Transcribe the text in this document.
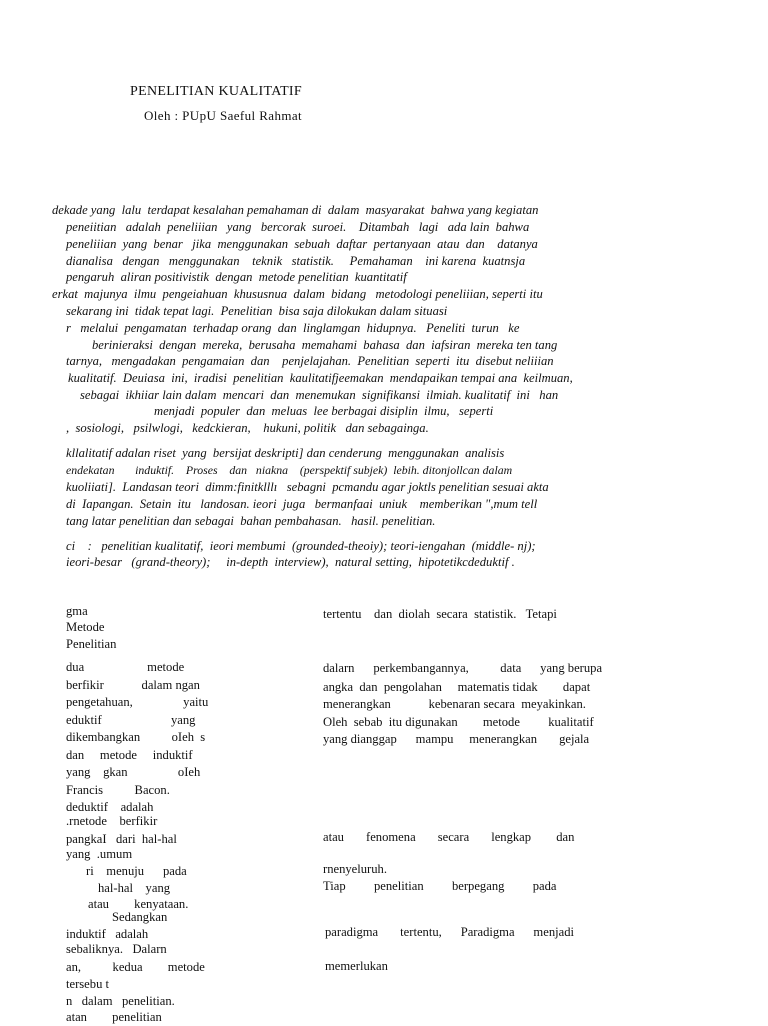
PENELITIAN KUALITATIF
Oleh : PUpU Saeful Rahmat
dekade yang  lalu  terdapat kesalahan pemahaman di  dalam  masyarakat  bahwa yang kegiatan
peneiitian   adalah  peneliiian   yang   bercorak  suroei.    Ditambah   lagi   ada lain  bahwa
peneliiian  yang  benar   jika  menggunakan  sebuah  daftar  pertanyaan  atau  dan    datanya
dianalisa   dengan   menggunakan    teknik   statistik.     Pemahaman    ini karena  kuatnsja
pengaruh  aliran positivistik  dengan  metode penelitian  kuantitatif
erkat  majunya  ilmu  pengeiahuan  khususnua  dalam  bidang   metodologi peneliiian, seperti itu
sekarang ini  tidak tepat lagi.  Penelitian  bisa saja dilokukan dalam situasi
r   melalui  pengamatan  terhadap orang  dan  linglamgan  hidupnya.   Peneliti  turun   ke
berinieraksi  dengan  mereka,  berusaha  memahami  bahasa  dan  iafsiran  mereka ten tang
tarnya,   mengadakan  pengamaian  dan    penjelajahan.  Penelitian  seperti  itu  disebut neliiian
kualitatif.  Deuiasa  ini,  iradisi  penelitian  kaulitatifjeemakan  mendapaikan tempai ana  keilmuan,
sebagai  ikhiiar lain dalam  mencari  dan  menemukan  signifikansi  ilmiah. kualitatif  ini   han
menjadi  populer  dan  meluas  lee berbagai disiplin  ilmu,   seperti
,  sosiologi,   psilwlogi,   kedckieran,    hukuni, politik   dan sebagainga.
kllalitatif adalan riset  yang  bersijat deskripti] dan cenderung  menggunakan  analisis
endekatan       induktif.    Proses    dan   niakna    (perspektif subjek)  lebih. ditonjollcan dalam
kuoliiati].  Landasan teori  dimm:finitklllı   sebagni  pcmandu agar joktls penelitian sesuai akta
di  Iapangan.  Setain  itu   landosan. ieori  juga   bermanfaai  uniuk    memberikan ",mum tell
tang latar penelitian dan sebagai  bahan pembahasan.   hasil. penelitian.
ci    :   penelitian kualitatif,  ieori membumi  (grounded-theoiy); teori-iengahan  (middle- nj);
ieori-besar   (grand-theory);     in-depth  interview),  natural setting,  hipotetikcdeduktif .
gma
Metode
Penelitian
dua                    metode
berfikir            dalam ngan
pengetahuan,                yaitu
eduktif                      yang
dikembangkan          oIeh  s
dan     metode     induktif
yang    gkan                oIeh
Francis          Bacon.
deduktif    adalah
.rnetode    berfikir
pangkaI   dari  hal-hal
yang  .umum
ri    menuju      pada
hal-hal    yang
atau        kenyataan.
Sedangkan
induktif   adalah
sebaliknya.   Dalarn
an,          kedua        metode
tersebu t
n   dalam   penelitian.
atan        penelitian
tertentu    dan  diolah  secara  statistik.   Tetapi
dalarn      perkembangannya,          data      yang berupa
angka  dan  pengolahan     matematis tidak        dapat
menerangkan            kebenaran secara  meyakinkan.
Oleh  sebab  itu digunakan        metode         kualitatif
yang dianggap      mampu     menerangkan       gejala
atau       fenomena       secara       lengkap        dan
rnenyeluruh.
Tiap         penelitian         berpegang         pada
paradigma       tertentu,      Paradigma      menjadi
memerlukan
